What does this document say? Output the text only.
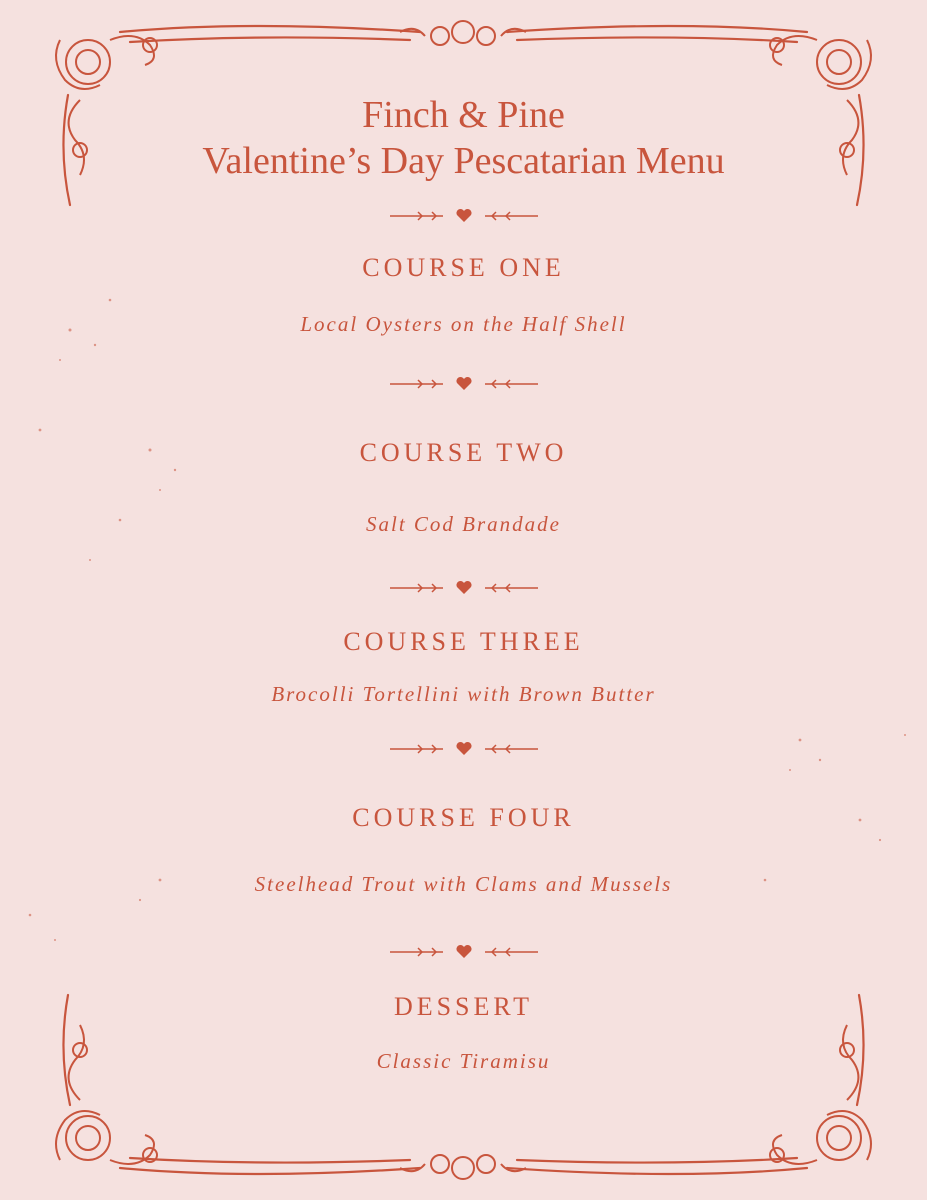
Finch & Pine
Valentine’s Day Pescatarian Menu
COURSE ONE
Local Oysters on the Half Shell
COURSE TWO
Salt Cod Brandade
COURSE THREE
Brocolli Tortellini with Brown Butter
COURSE FOUR
Steelhead Trout with Clams and Mussels
DESSERT
Classic Tiramisu
